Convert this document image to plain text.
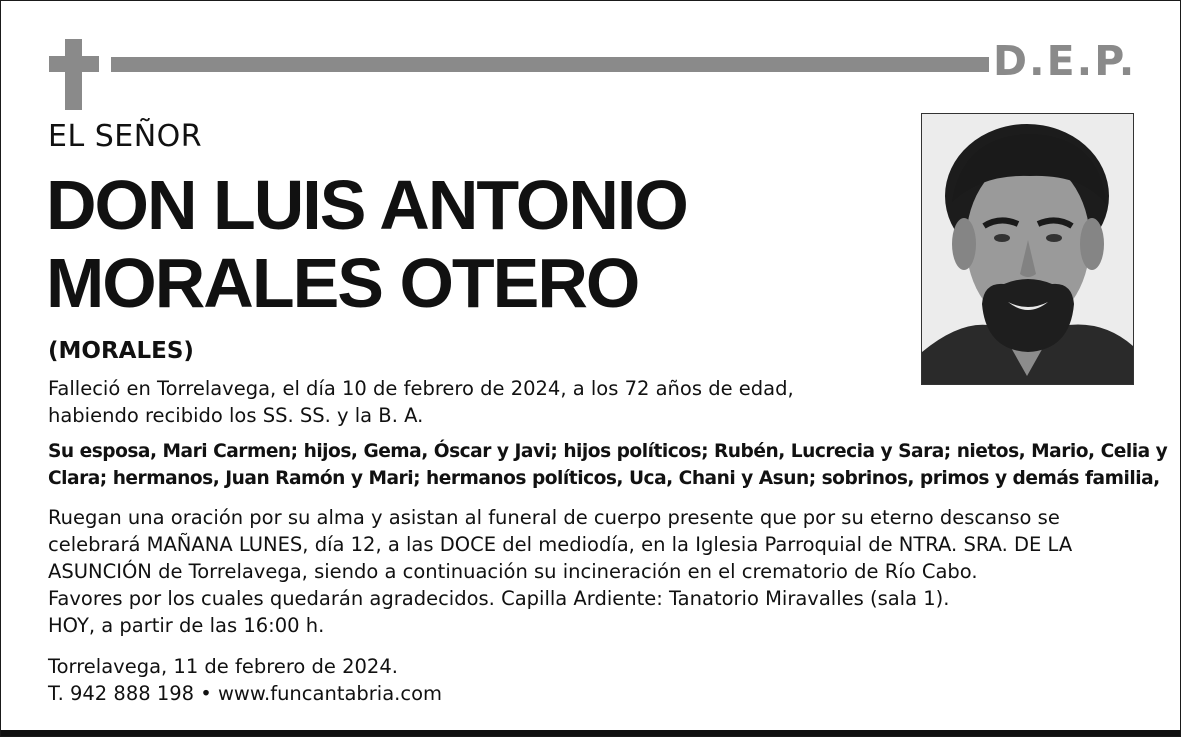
D.E.P.
EL SEÑOR
DON LUIS ANTONIO
MORALES OTERO
(MORALES)
Falleció en Torrelavega, el día 10 de febrero de 2024, a los 72 años de edad,
habiendo recibido los SS. SS. y la B. A.
Su esposa, Mari Carmen; hijos, Gema, Óscar y Javi; hijos políticos; Rubén, Lucrecia y Sara; nietos, Mario, Celia y
Clara; hermanos, Juan Ramón y Mari; hermanos políticos, Uca, Chani y Asun; sobrinos, primos y demás familia,
Ruegan una oración por su alma y asistan al funeral de cuerpo presente que por su eterno descanso se
celebrará MAÑANA LUNES, día 12, a las DOCE del mediodía, en la Iglesia Parroquial de NTRA. SRA. DE LA
ASUNCIÓN de Torrelavega, siendo a continuación su incineración en el crematorio de Río Cabo.
Favores por los cuales quedarán agradecidos. Capilla Ardiente: Tanatorio Miravalles (sala 1).
HOY, a partir de las 16:00 h.
Torrelavega, 11 de febrero de 2024.
T. 942 888 198 • www.funcantabria.com
